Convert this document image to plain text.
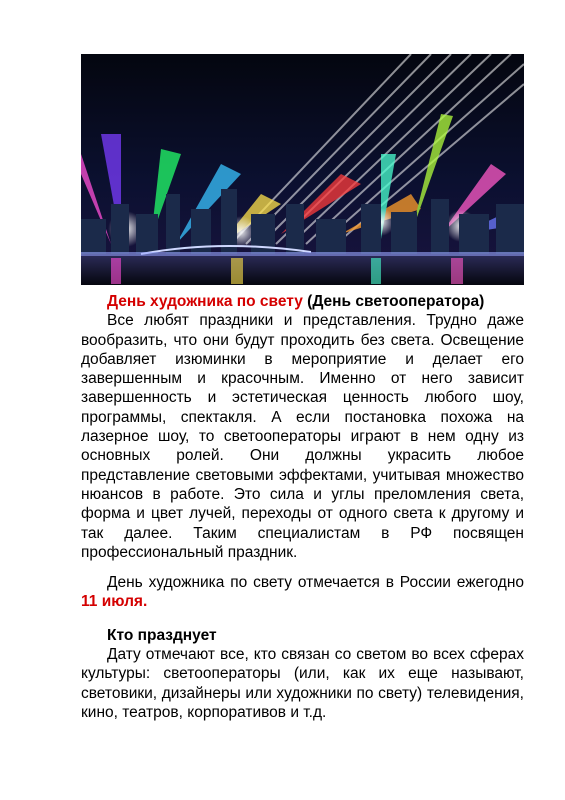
День художника по свету (День светооператора)

Все любят праздники и представления. Трудно даже вообразить, что они будут проходить без света. Освещение добавляет изюминки в мероприятие и делает его завершенным и красочным. Именно от него зависит завершенность и эстетическая ценность любого шоу, программы, спектакля. А если постановка похожа на лазерное шоу, то светооператоры играют в нем одну из основных ролей. Они должны украсить любое представление световыми эффектами, учитывая множество нюансов в работе. Это сила и углы преломления света, форма и цвет лучей, переходы от одного света к другому и так далее. Таким специалистам в РФ посвящен профессиональный праздник.

День художника по свету отмечается в России ежегодно 11 июля.

Кто празднует

Дату отмечают все, кто связан со светом во всех сферах культуры: светооператоры (или, как их еще называют, световики, дизайнеры или художники по свету) телевидения, кино, театров, корпоративов и т.д.
